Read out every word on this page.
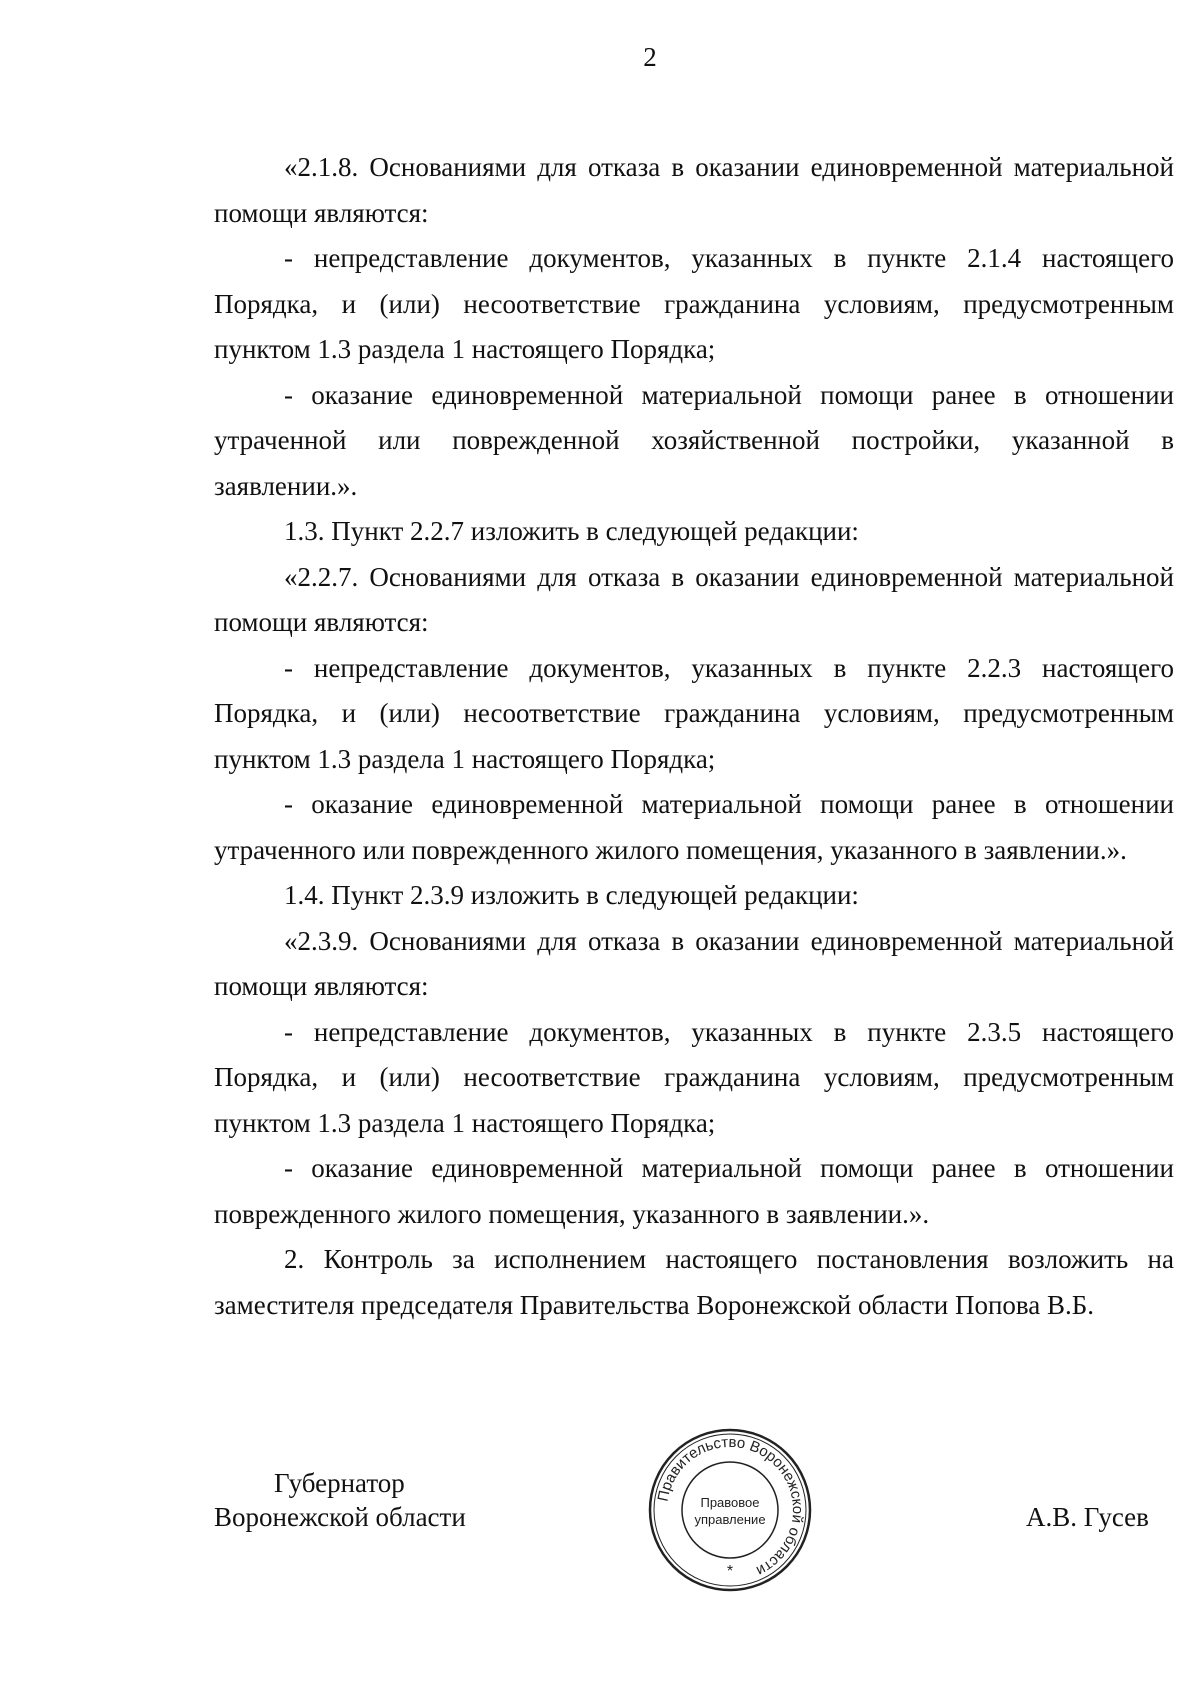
2

«2.1.8. Основаниями для отказа в оказании единовременной материальной помощи являются:

- непредставление документов, указанных в пункте 2.1.4 настоящего Порядка, и (или) несоответствие гражданина условиям, предусмотренным пунктом 1.3 раздела 1 настоящего Порядка;

- оказание единовременной материальной помощи ранее в отношении утраченной или поврежденной хозяйственной постройки, указанной в заявлении.».

1.3. Пункт 2.2.7 изложить в следующей редакции:

«2.2.7. Основаниями для отказа в оказании единовременной материальной помощи являются:

- непредставление документов, указанных в пункте 2.2.3 настоящего Порядка, и (или) несоответствие гражданина условиям, предусмотренным пунктом 1.3 раздела 1 настоящего Порядка;

- оказание единовременной материальной помощи ранее в отношении утраченного или поврежденного жилого помещения, указанного в заявлении.».

1.4. Пункт 2.3.9 изложить в следующей редакции:

«2.3.9. Основаниями для отказа в оказании единовременной материальной помощи являются:

- непредставление документов, указанных в пункте 2.3.5 настоящего Порядка, и (или) несоответствие гражданина условиям, предусмотренным пунктом 1.3 раздела 1 настоящего Порядка;

- оказание единовременной материальной помощи ранее в отношении поврежденного жилого помещения, указанного в заявлении.».

2. Контроль за исполнением настоящего постановления возложить на заместителя председателя Правительства Воронежской области Попова В.Б.

Губернатор
Воронежской области
Правительство Воронежской области
Правовое
управление
*
А.В. Гусев
